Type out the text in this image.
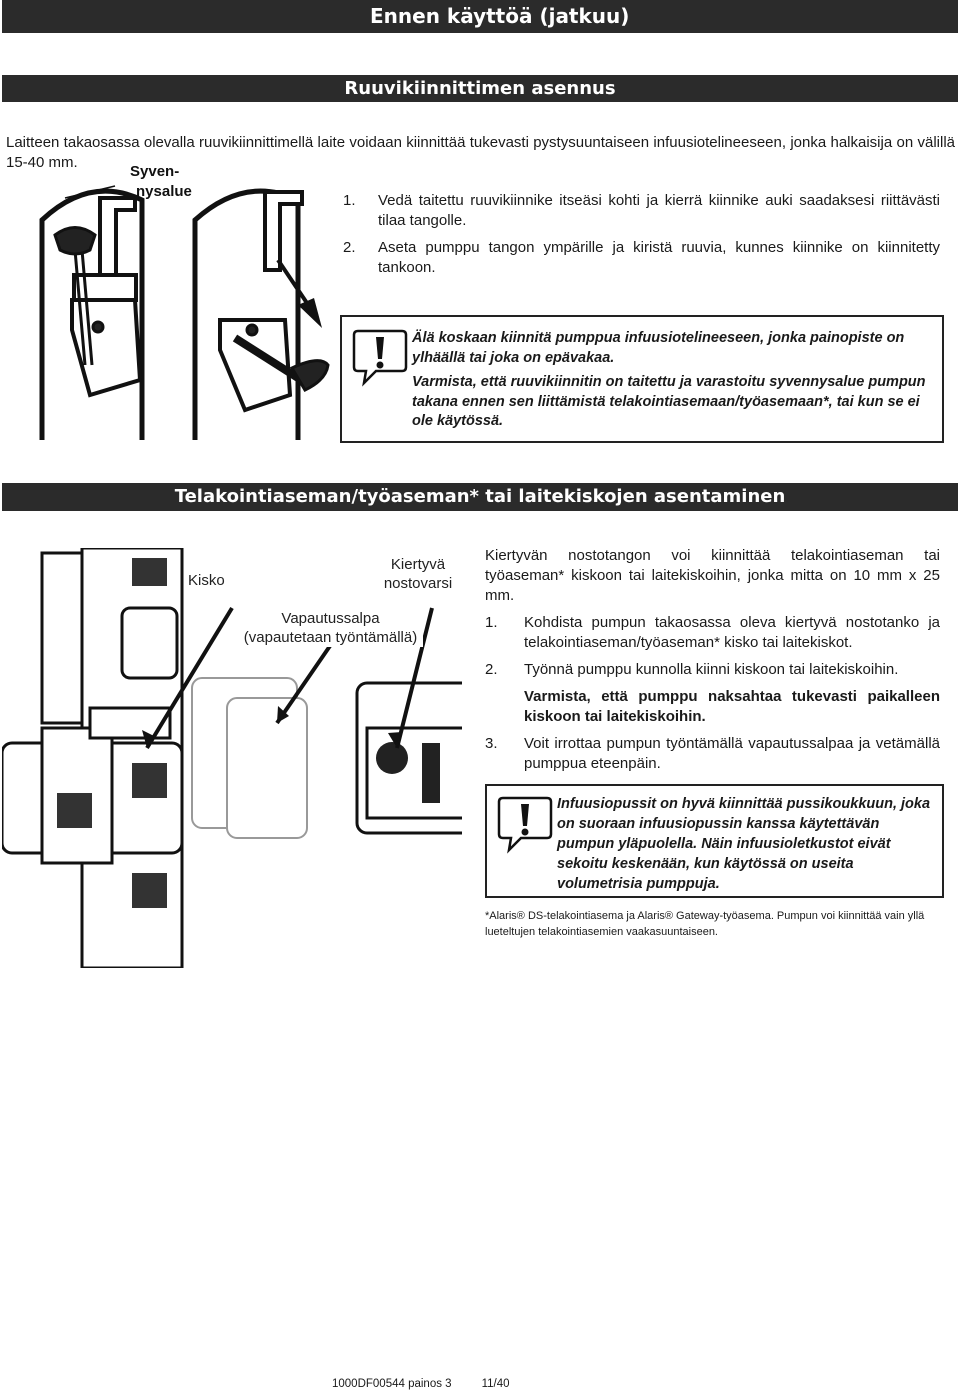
Ennen käyttöä (jatkuu)
Ruuvikiinnittimen asennus
Laitteen takaosassa olevalla ruuvikiinnittimellä laite voidaan kiinnittää tukevasti pystysuuntaiseen infuusiotelineeseen, jonka halkaisija on välillä 15-40 mm.
Syven-
nysalue
1. Vedä taitettu ruuvikiinnike itseäsi kohti ja kierrä kiinnike auki saadaksesi riittävästi tilaa tangolle.
2. Aseta pumppu tangon ympärille ja kiristä ruuvia, kunnes kiinnike on kiinnitetty tankoon.
Älä koskaan kiinnitä pumppua infuusiotelineeseen, jonka painopiste on ylhäällä tai joka on epävakaa.
Varmista, että ruuvikiinnitin on taitettu ja varastoitu syvennysalue pumpun takana ennen sen liittämistä telakointiasemaan/työasemaan*, tai kun se ei ole käytössä.
Telakointiaseman/työaseman* tai laitekiskojen asentaminen
Kisko
Kiertyvä
nostovarsi
Vapautussalpa
(vapautetaan työntämällä)
Kiertyvän nostotangon voi kiinnittää telakointiaseman tai työaseman* kiskoon tai laitekiskoihin, jonka mitta on 10 mm x 25 mm.
1. Kohdista pumpun takaosassa oleva kiertyvä nostotanko ja telakointiaseman/työaseman* kisko tai laitekiskot.
2. Työnnä pumppu kunnolla kiinni kiskoon tai laitekiskoihin.
Varmista, että pumppu naksahtaa tukevasti paikalleen kiskoon tai laitekiskoihin.
3. Voit irrottaa pumpun työntämällä vapautussalpaa ja vetämällä pumppua eteenpäin.
Infuusiopussit on hyvä kiinnittää pussikoukkuun, joka on suoraan infuusiopussin kanssa käytettävän pumpun yläpuolella. Näin infuusioletkustot eivät sekoitu keskenään, kun käytössä on useita volumetrisia pumppuja.
*Alaris® DS-telakointiasema ja Alaris® Gateway-työasema. Pumpun voi kiinnittää vain yllä lueteltujen telakointiasemien vaakasuuntaiseen.
1000DF00544 painos 3	11/40
